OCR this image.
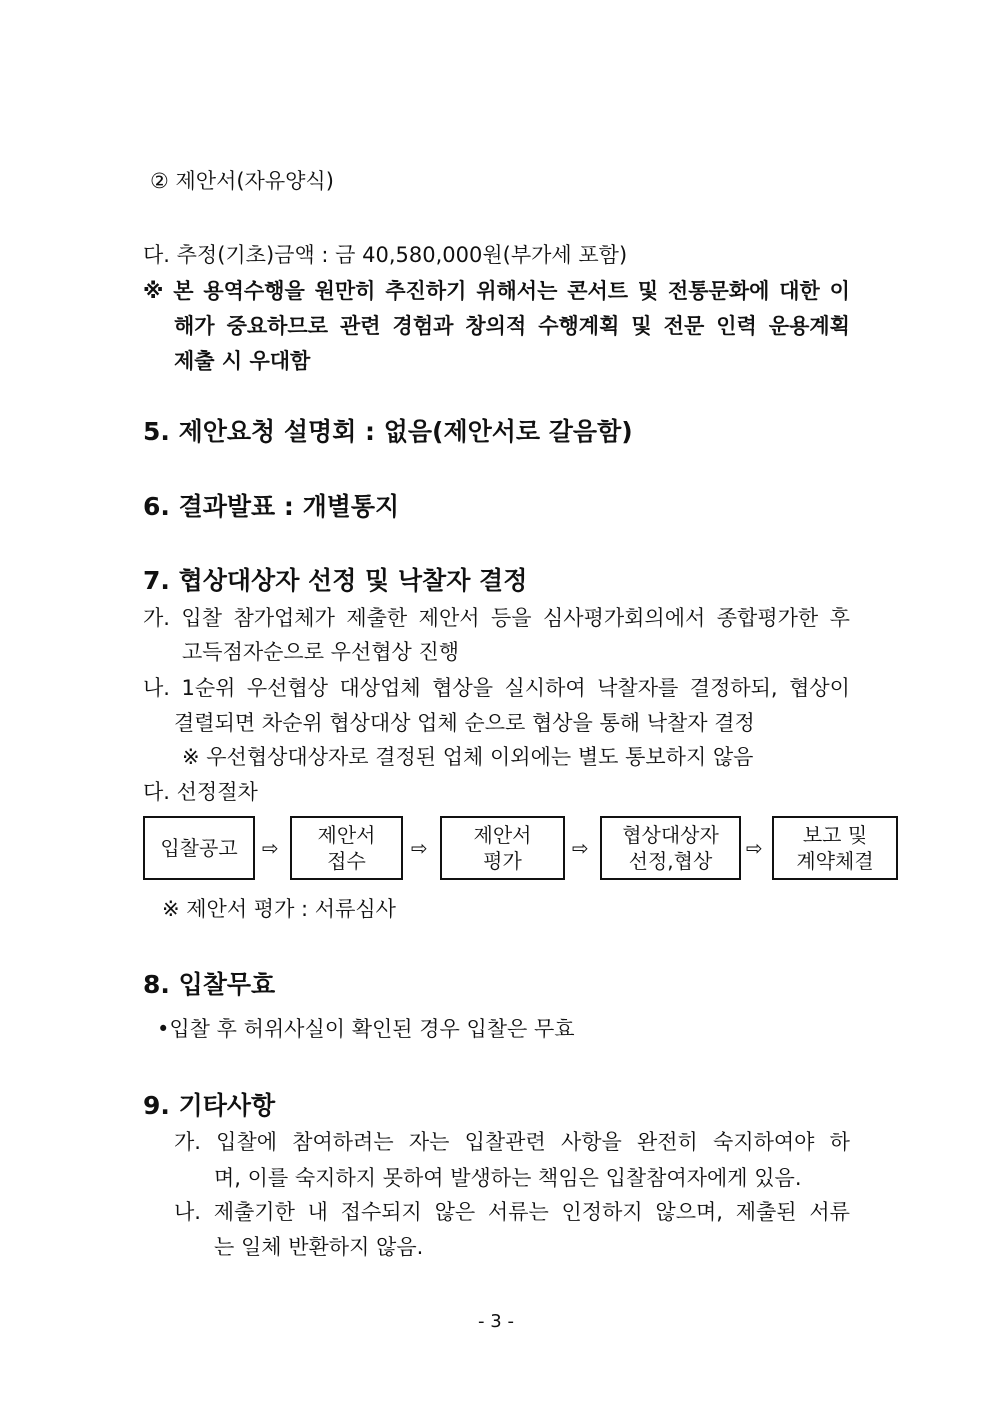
② 제안서(자유양식)
다. 추정(기초)금액 : 금 40,580,000원(부가세 포함)
※ 본 용역수행을 원만히 추진하기 위해서는 콘서트 및 전통문화에 대한 이
해가 중요하므로 관련 경험과 창의적 수행계획 및 전문 인력 운용계획
제출 시 우대함
5. 제안요청 설명회 : 없음(제안서로 갈음함)
6. 결과발표 : 개별통지
7. 협상대상자 선정 및 낙찰자 결정
가. 입찰 참가업체가 제출한 제안서 등을 심사평가회의에서 종합평가한 후
고득점자순으로 우선협상 진행
나. 1순위 우선협상 대상업체 협상을 실시하여 낙찰자를 결정하되, 협상이
결렬되면 차순위 협상대상 업체 순으로 협상을 통해 낙찰자 결정
※ 우선협상대상자로 결정된 업체 이외에는 별도 통보하지 않음
다. 선정절차
입찰공고 ⇨
제안서
접수
⇨
제안서
평가
⇨
협상대상자
선정,협상
⇨
보고 및
계약체결
※ 제안서 평가 : 서류심사
8. 입찰무효
•입찰 후 허위사실이 확인된 경우 입찰은 무효
9. 기타사항
가. 입찰에 참여하려는 자는 입찰관련 사항을 완전히 숙지하여야 하
며, 이를 숙지하지 못하여 발생하는 책임은 입찰참여자에게 있음.
나. 제출기한 내 접수되지 않은 서류는 인정하지 않으며, 제출된 서류
는 일체 반환하지 않음.
- 3 -
